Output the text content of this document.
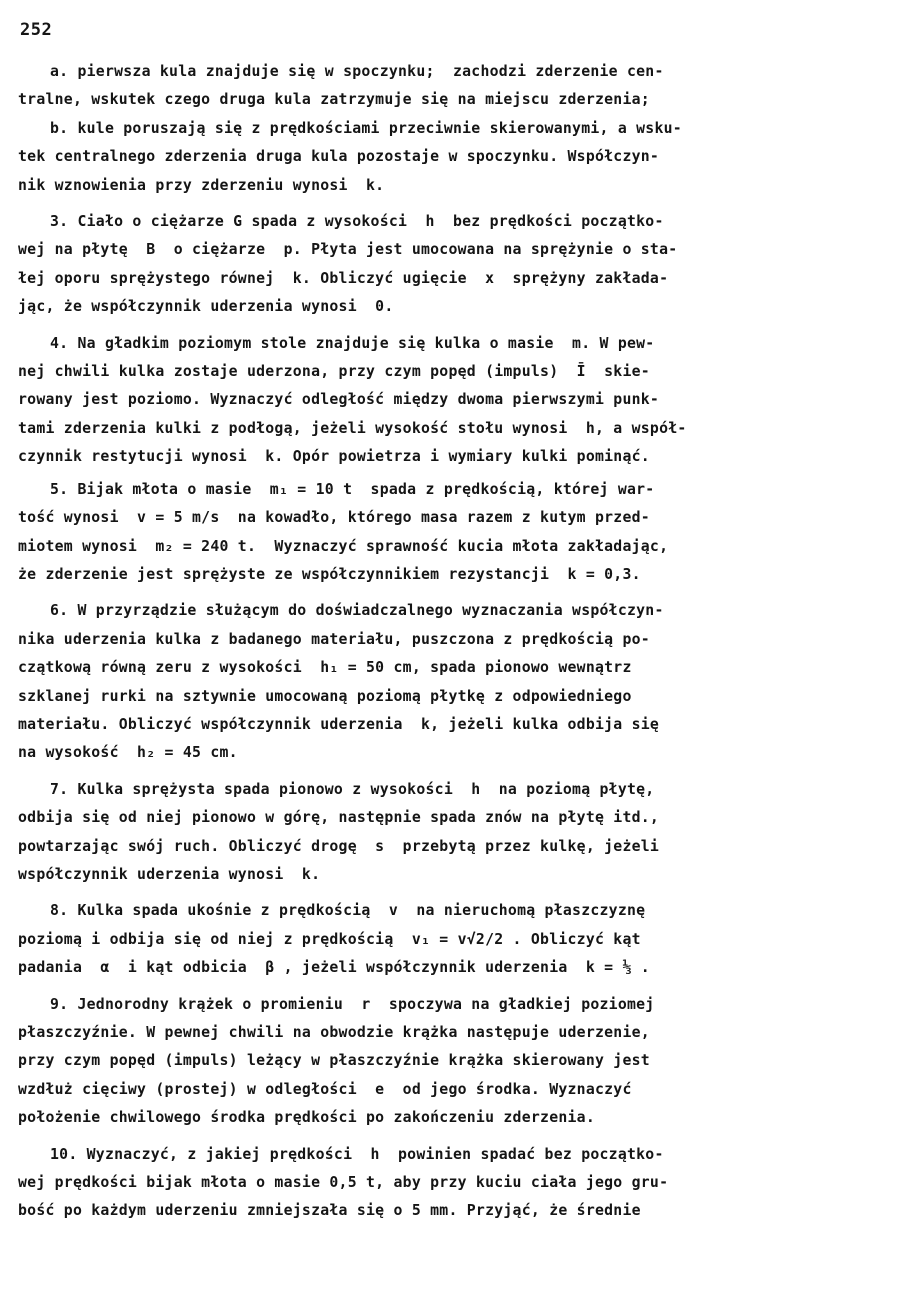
252
a. pierwsza kula znajduje się w spoczynku;  zachodzi zderzenie cen-
tralne, wskutek czego druga kula zatrzymuje się na miejscu zderzenia;
b. kule poruszają się z prędkościami przeciwnie skierowanymi, a wsku-
tek centralnego zderzenia druga kula pozostaje w spoczynku. Współczyn-
nik wznowienia przy zderzeniu wynosi  k.
3. Ciało o ciężarze G spada z wysokości  h  bez prędkości początko-
wej na płytę  B  o ciężarze  p. Płyta jest umocowana na sprężynie o sta-
łej oporu sprężystego równej  k. Obliczyć ugięcie  x  sprężyny zakłada-
jąc, że współczynnik uderzenia wynosi  0.
4. Na gładkim poziomym stole znajduje się kulka o masie  m. W pew-
nej chwili kulka zostaje uderzona, przy czym popęd (impuls)  Ī  skie-
rowany jest poziomo. Wyznaczyć odległość między dwoma pierwszymi punk-
tami zderzenia kulki z podłogą, jeżeli wysokość stołu wynosi  h, a współ-
czynnik restytucji wynosi  k. Opór powietrza i wymiary kulki pominąć.
5. Bijak młota o masie  m₁ = 10 t  spada z prędkością, której war-
tość wynosi  v = 5 m/s  na kowadło, którego masa razem z kutym przed-
miotem wynosi  m₂ = 240 t.  Wyznaczyć sprawność kucia młota zakładając,
że zderzenie jest sprężyste ze współczynnikiem rezystancji  k = 0,3.
6. W przyrządzie służącym do doświadczalnego wyznaczania współczyn-
nika uderzenia kulka z badanego materiału, puszczona z prędkością po-
czątkową równą zeru z wysokości  h₁ = 50 cm, spada pionowo wewnątrz
szklanej rurki na sztywnie umocowaną poziomą płytkę z odpowiedniego
materiału. Obliczyć współczynnik uderzenia  k, jeżeli kulka odbija się
na wysokość  h₂ = 45 cm.
7. Kulka sprężysta spada pionowo z wysokości  h  na poziomą płytę,
odbija się od niej pionowo w górę, następnie spada znów na płytę itd.,
powtarzając swój ruch. Obliczyć drogę  s  przebytą przez kulkę, jeżeli
współczynnik uderzenia wynosi  k.
8. Kulka spada ukośnie z prędkością  v  na nieruchomą płaszczyznę
poziomą i odbija się od niej z prędkością  v₁ = v√2/2 . Obliczyć kąt
padania  α  i kąt odbicia  β , jeżeli współczynnik uderzenia  k = ⅓ .
9. Jednorodny krążek o promieniu  r  spoczywa na gładkiej poziomej
płaszczyźnie. W pewnej chwili na obwodzie krążka następuje uderzenie,
przy czym popęd (impuls) leżący w płaszczyźnie krążka skierowany jest
wzdłuż cięciwy (prostej) w odległości  e  od jego środka. Wyznaczyć
położenie chwilowego środka prędkości po zakończeniu zderzenia.
10. Wyznaczyć, z jakiej prędkości  h  powinien spadać bez początko-
wej prędkości bijak młota o masie 0,5 t, aby przy kuciu ciała jego gru-
bość po każdym uderzeniu zmniejszała się o 5 mm. Przyjąć, że średnie
